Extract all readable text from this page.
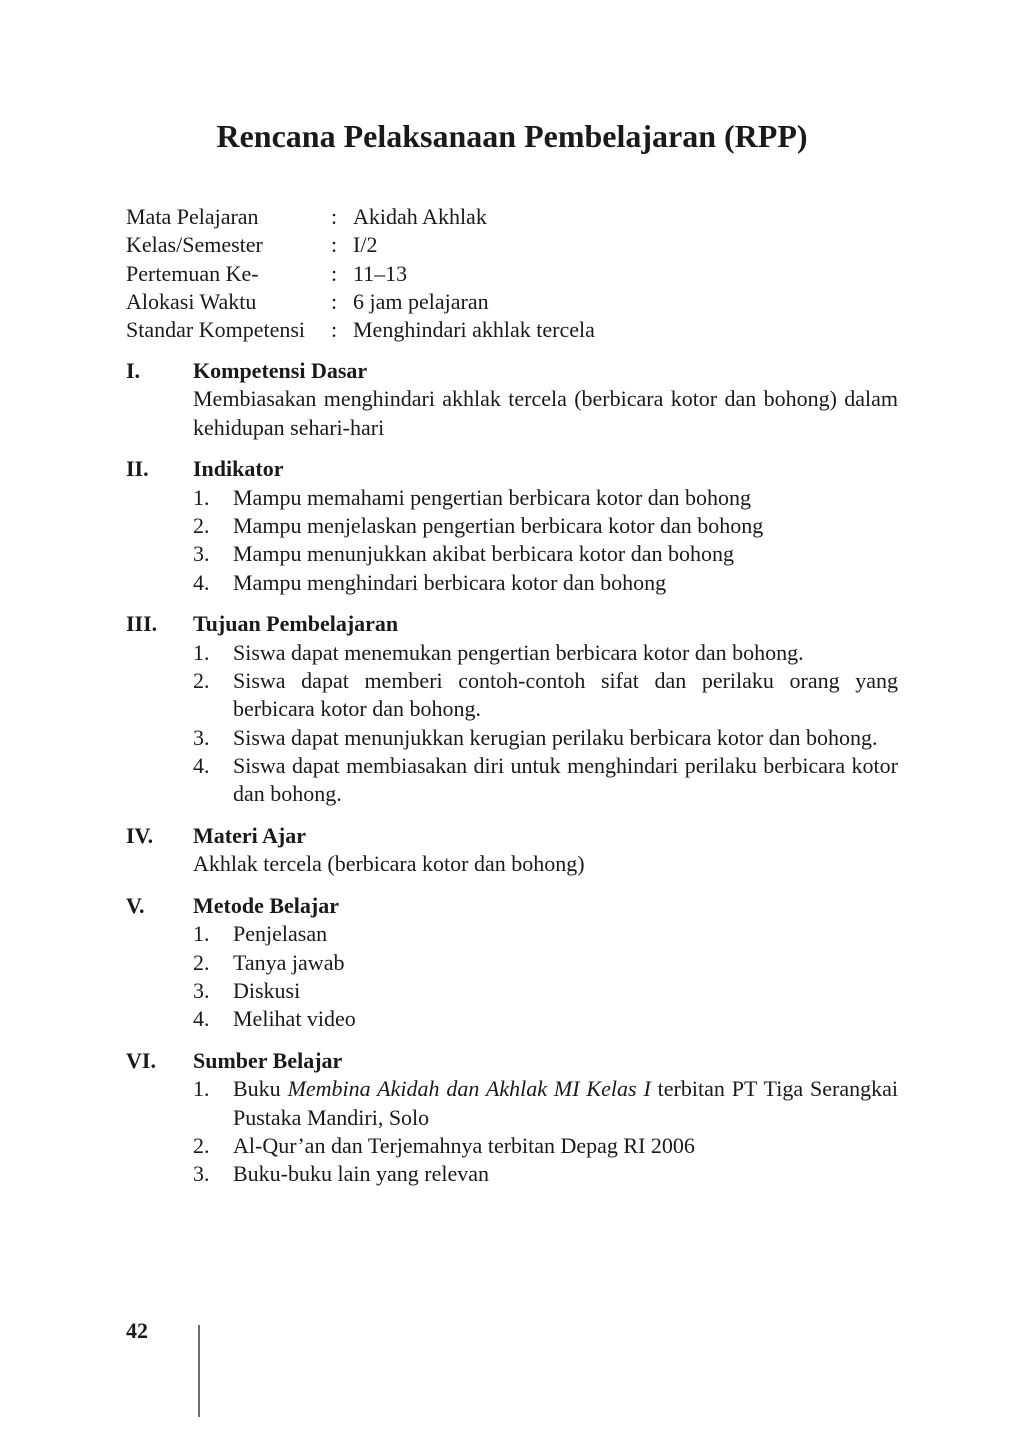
Rencana Pelaksanaan Pembelajaran (RPP)
Mata Pelajaran	: Akidah Akhlak
Kelas/Semester	: I/2
Pertemuan Ke-	: 11–13
Alokasi Waktu	: 6 jam pelajaran
Standar Kompetensi	: Menghindari akhlak tercela
I.	Kompetensi Dasar
Membiasakan menghindari akhlak tercela (berbicara kotor dan bohong) dalam kehidupan sehari-hari
II.	Indikator
1.	Mampu memahami pengertian berbicara kotor dan bohong
2.	Mampu menjelaskan pengertian berbicara kotor dan bohong
3.	Mampu menunjukkan akibat berbicara kotor dan bohong
4.	Mampu menghindari berbicara kotor dan bohong
III.	Tujuan Pembelajaran
1.	Siswa dapat menemukan pengertian berbicara kotor dan bohong.
2.	Siswa dapat memberi contoh-contoh sifat dan perilaku orang yang berbicara kotor dan bohong.
3.	Siswa dapat menunjukkan kerugian perilaku berbicara kotor dan bohong.
4.	Siswa dapat membiasakan diri untuk menghindari perilaku berbicara kotor dan bohong.
IV.	Materi Ajar
Akhlak tercela (berbicara kotor dan bohong)
V.	Metode Belajar
1.	Penjelasan
2.	Tanya jawab
3.	Diskusi
4.	Melihat video
VI.	Sumber Belajar
1.	Buku Membina Akidah dan Akhlak MI Kelas I terbitan PT Tiga Serangkai Pustaka Mandiri, Solo
2.	Al-Qur’an dan Terjemahnya terbitan Depag RI 2006
3.	Buku-buku lain yang relevan
42
